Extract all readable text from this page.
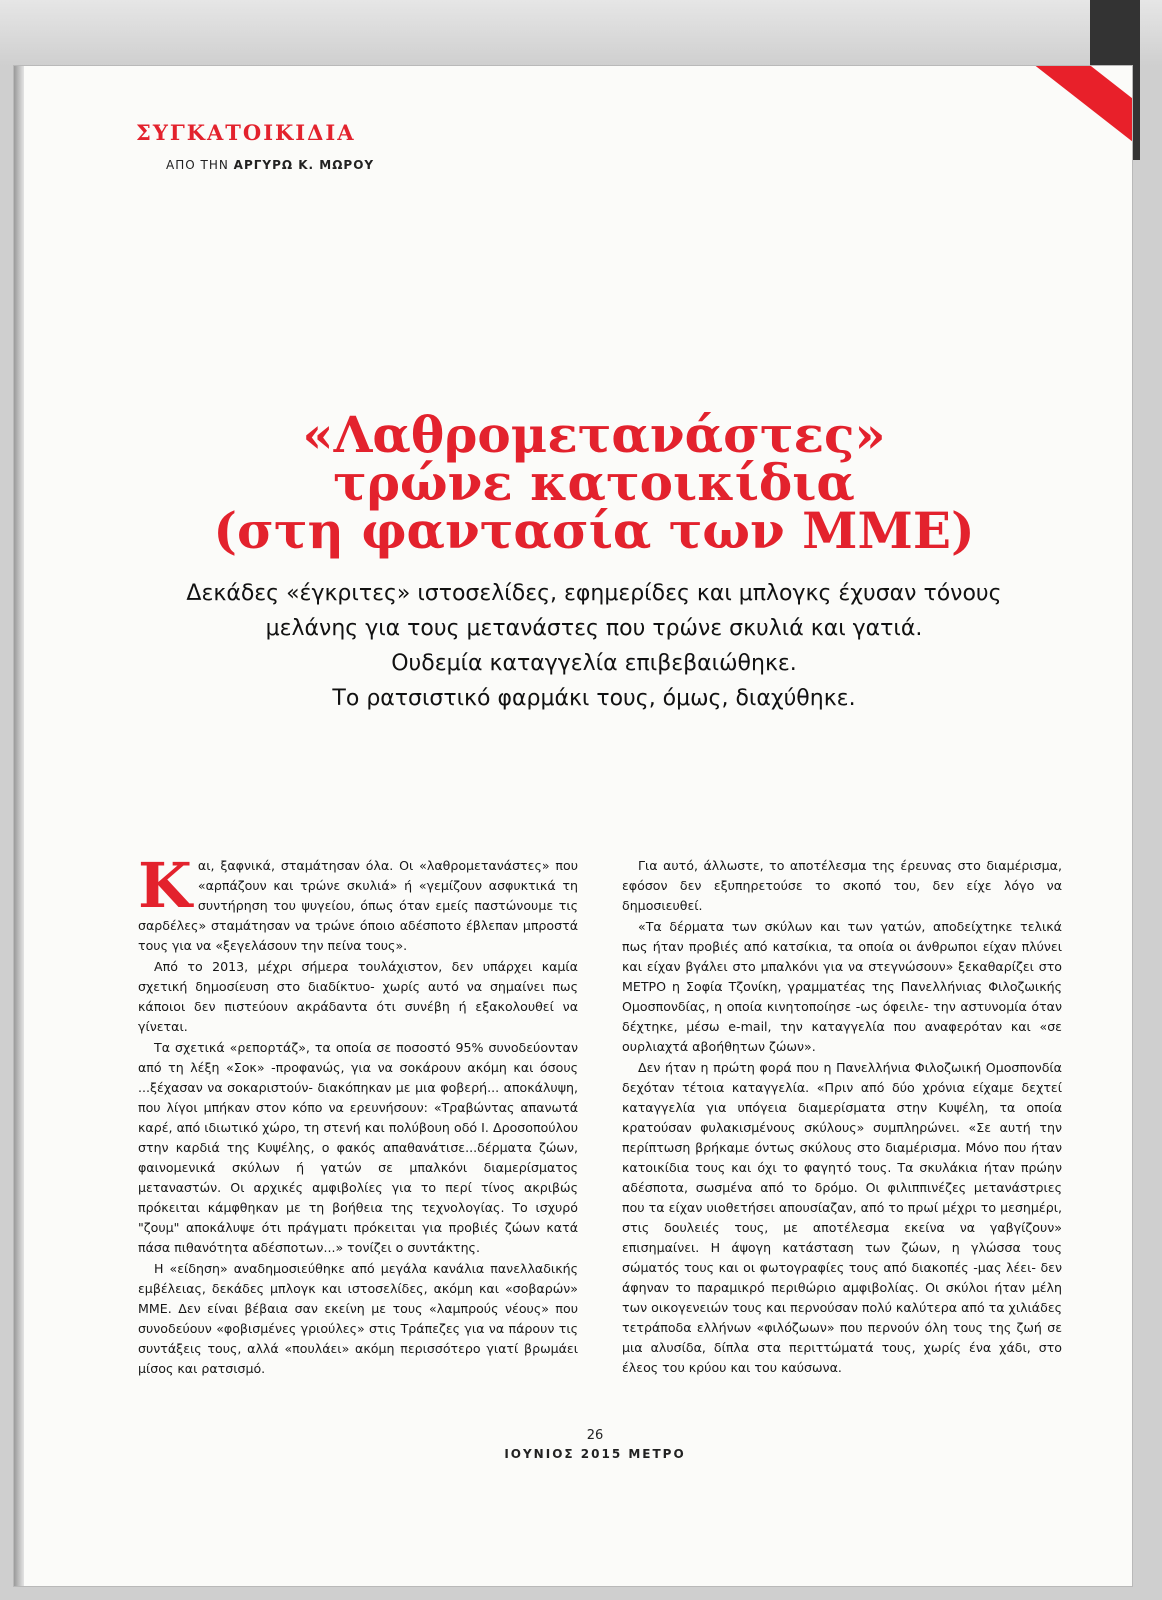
ΣΥΓΚΑΤΟΙΚΙΔΙΑ

ΑΠΟ ΤΗΝ ΑΡΓΥΡΩ Κ. ΜΩΡΟΥ

«Λαθρομετανάστες»
τρώνε κατοικίδια
(στη φαντασία των ΜΜΕ)

Δεκάδες «έγκριτες» ιστοσελίδες, εφημερίδες και μπλογκς έχυσαν τόνους

μελάνης για τους μετανάστες που τρώνε σκυλιά και γατιά.

Ουδεμία καταγγελία επιβεβαιώθηκε.

Το ρατσιστικό φαρμάκι τους, όμως, διαχύθηκε.

Και, ξαφνικά, σταμάτησαν όλα. Οι «λαθρομετανάστες» που «αρπάζουν και τρώνε σκυλιά» ή «γεμίζουν ασφυκτικά τη συντήρηση του ψυγείου, όπως όταν εμείς παστώνουμε τις σαρδέλες» σταμάτησαν να τρώνε όποιο αδέσποτο έβλεπαν μπροστά τους για να «ξεγελάσουν την πείνα τους».

Από το 2013, μέχρι σήμερα τουλάχιστον, δεν υπάρχει καμία σχετική δημοσίευση στο διαδίκτυο- χωρίς αυτό να σημαίνει πως κάποιοι δεν πιστεύουν ακράδαντα ότι συνέβη ή εξακολουθεί να γίνεται.

Τα σχετικά «ρεπορτάζ», τα οποία σε ποσοστό 95% συνοδεύονταν από τη λέξη «Σοκ» -προφανώς, για να σοκάρουν ακόμη και όσους ...ξέχασαν να σοκαριστούν- διακόπηκαν με μια φοβερή... αποκάλυψη, που λίγοι μπήκαν στον κόπο να ερευνήσουν: «Τραβώντας απανωτά καρέ, από ιδιωτικό χώρο, τη στενή και πολύβουη οδό Ι. Δροσοπούλου στην καρδιά της Κυψέλης, ο φακός απαθανάτισε...δέρματα ζώων, φαινομενικά σκύλων ή γατών σε μπαλκόνι διαμερίσματος μεταναστών. Οι αρχικές αμφιβολίες για το περί τίνος ακριβώς πρόκειται κάμφθηκαν με τη βοήθεια της τεχνολογίας. Το ισχυρό "ζουμ" αποκάλυψε ότι πράγματι πρόκειται για προβιές ζώων κατά πάσα πιθανότητα αδέσποτων...» τονίζει ο συντάκτης.

Η «είδηση» αναδημοσιεύθηκε από μεγάλα κανάλια πανελλαδικής εμβέλειας, δεκάδες μπλογκ και ιστοσελίδες, ακόμη και «σοβαρών» ΜΜΕ. Δεν είναι βέβαια σαν εκείνη με τους «λαμπρούς νέους» που συνοδεύουν «φοβισμένες γριούλες» στις Τράπεζες για να πάρουν τις συντάξεις τους, αλλά «πουλάει» ακόμη περισσότερο γιατί βρωμάει μίσος και ρατσισμό.

Για αυτό, άλλωστε, το αποτέλεσμα της έρευνας στο διαμέρισμα, εφόσον δεν εξυπηρετούσε το σκοπό του, δεν είχε λόγο να δημοσιευθεί.

«Τα δέρματα των σκύλων και των γατών, αποδείχτηκε τελικά πως ήταν προβιές από κατσίκια, τα οποία οι άνθρωποι είχαν πλύνει και είχαν βγάλει στο μπαλκόνι για να στεγνώσουν» ξεκαθαρίζει στο ΜΕΤΡΟ η Σοφία Τζονίκη, γραμματέας της Πανελλήνιας Φιλοζωικής Ομοσπονδίας, η οποία κινητοποίησε -ως όφειλε- την αστυνομία όταν δέχτηκε, μέσω e-mail, την καταγγελία που αναφερόταν και «σε ουρλιαχτά αβοήθητων ζώων».

Δεν ήταν η πρώτη φορά που η Πανελλήνια Φιλοζωική Ομοσπονδία δεχόταν τέτοια καταγγελία. «Πριν από δύο χρόνια είχαμε δεχτεί καταγγελία για υπόγεια διαμερίσματα στην Κυψέλη, τα οποία κρατούσαν φυλακισμένους σκύλους» συμπληρώνει. «Σε αυτή την περίπτωση βρήκαμε όντως σκύλους στο διαμέρισμα. Μόνο που ήταν κατοικίδια τους και όχι το φαγητό τους. Τα σκυλάκια ήταν πρώην αδέσποτα, σωσμένα από το δρόμο. Οι φιλιππινέζες μετανάστριες που τα είχαν υιοθετήσει απουσίαζαν, από το πρωί μέχρι το μεσημέρι, στις δουλειές τους, με αποτέλεσμα εκείνα να γαβγίζουν» επισημαίνει. Η άψογη κατάσταση των ζώων, η γλώσσα τους σώματός τους και οι φωτογραφίες τους από διακοπές -μας λέει- δεν άφηναν το παραμικρό περιθώριο αμφιβολίας. Οι σκύλοι ήταν μέλη των οικογενειών τους και περνούσαν πολύ καλύτερα από τα χιλιάδες τετράποδα ελλήνων «φιλόζωων» που περνούν όλη τους της ζωή σε μια αλυσίδα, δίπλα στα περιττώματά τους, χωρίς ένα χάδι, στο έλεος του κρύου και του καύσωνα.

26
ΙΟΥΝΙΟΣ 2015 ΜΕΤΡΟ
